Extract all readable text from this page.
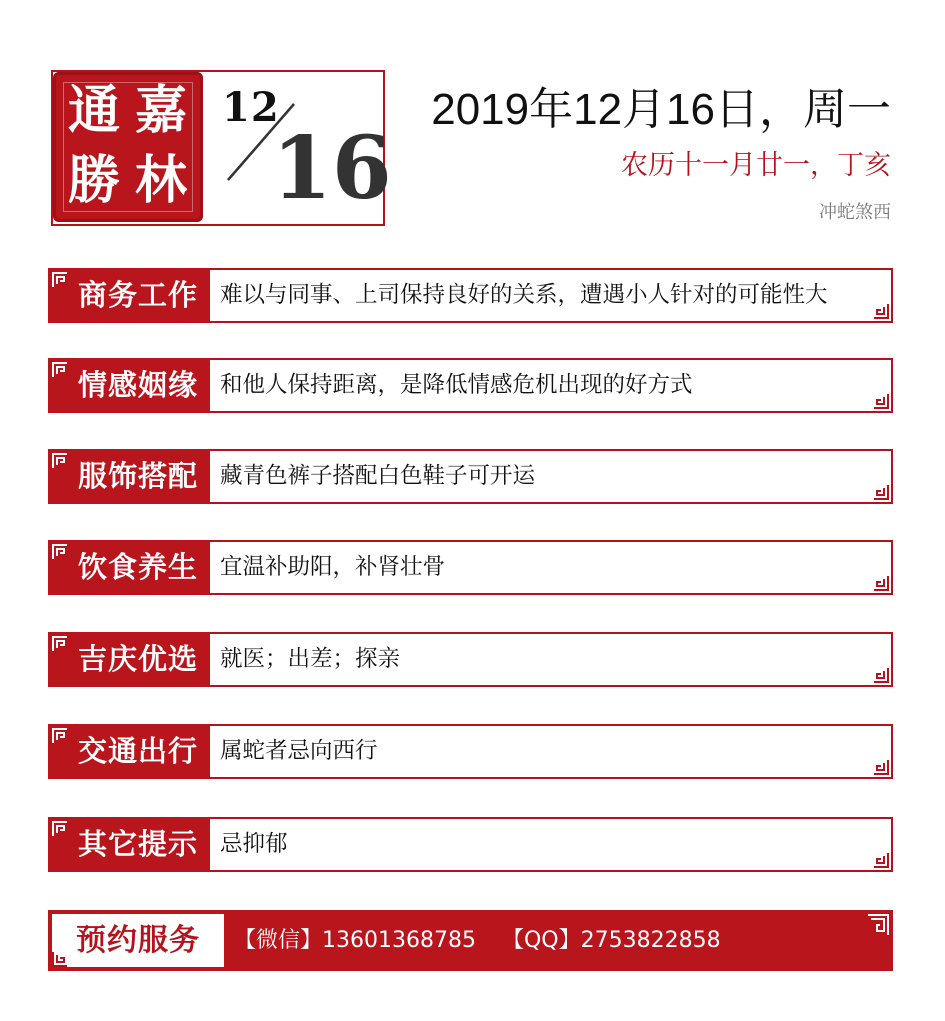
嘉
林
通
勝
12
16
2019年12月16日，周一
农历十一月廿一，丁亥
冲蛇煞西
商务工作 难以与同事、上司保持良好的关系，遭遇小人针对的可能性大
情感姻缘 和他人保持距离，是降低情感危机出现的好方式
服饰搭配 藏青色裤子搭配白色鞋子可开运
饮食养生 宜温补助阳，补肾壮骨
吉庆优选 就医；出差；探亲
交通出行 属蛇者忌向西行
其它提示 忌抑郁
预约服务	【微信】13601368785 【QQ】2753822858
